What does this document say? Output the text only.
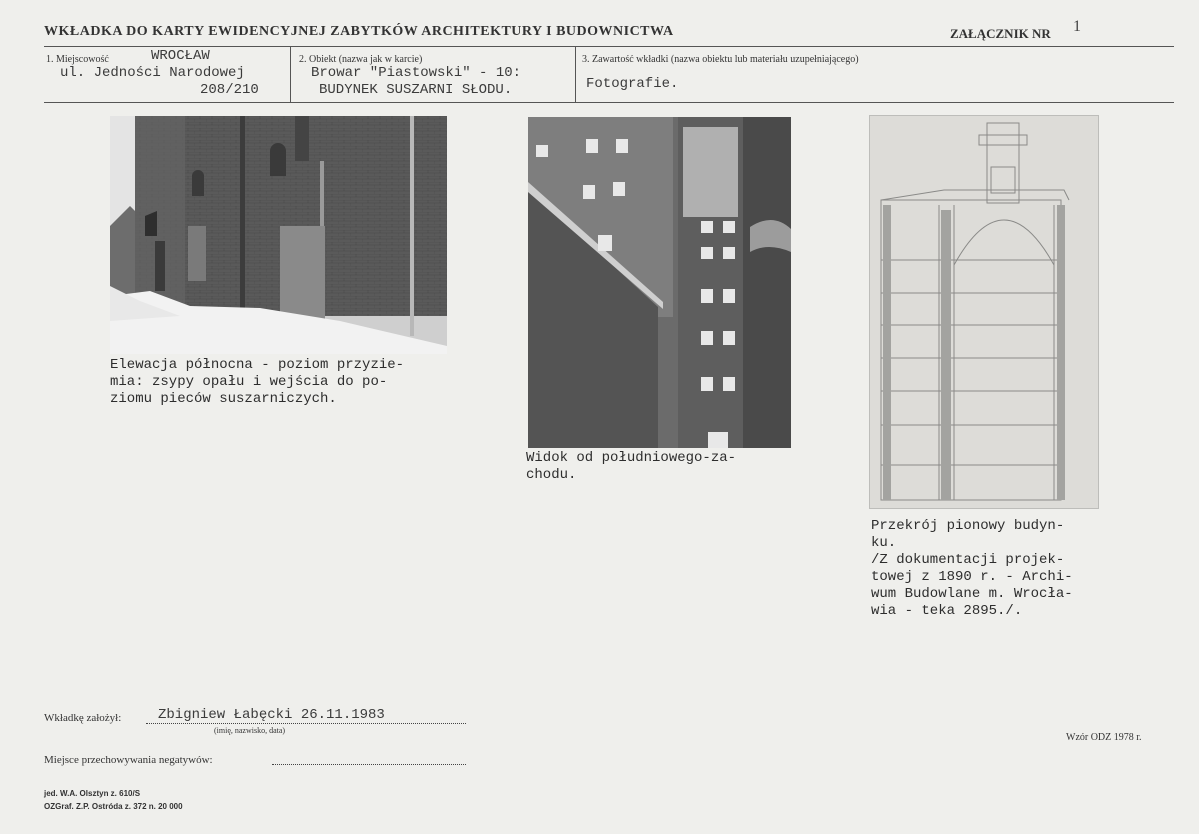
WKŁADKA DO KARTY EWIDENCYJNEJ ZABYTKÓW ARCHITEKTURY I BUDOWNICTWA	ZAŁĄCZNIK NR 1
1. Miejscowość	WROCŁAW
ul. Jedności Narodowej
208/210
2. Obiekt (nazwa jak w karcie)
Browar "Piastowski" - 10:
BUDYNEK SUSZARNI SŁODU.
3. Zawartość wkładki (nazwa obiektu lub materiału uzupełniającego)
Fotografie.
Elewacja północna - poziom przyzie-
mia: zsypy opału i wejścia do po-
ziomu pieców suszarniczych.
Widok od południowego-za-
chodu.
Przekrój pionowy budyn-
ku.
/Z dokumentacji projek-
towej z 1890 r. - Archi-
wum Budowlane m. Wrocła-
wia - teka 2895./.
Wkładkę założył:	Zbigniew Łabęcki 26.11.1983
(imię, nazwisko, data)
Miejsce przechowywania negatywów:
Wzór ODZ 1978 r.
jed. W.A. Olsztyn z. 610/S
OZGraf. Z.P. Ostróda z. 372 n. 20 000
